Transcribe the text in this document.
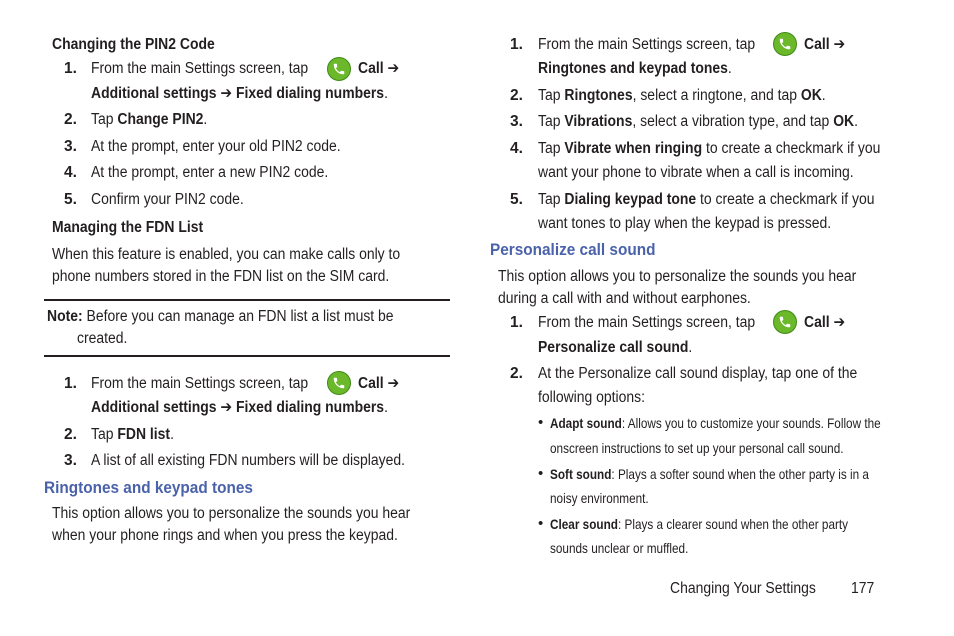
Changing the PIN2 Code
1. From the main Settings screen, tap	Call ➔
Additional settings ➔ Fixed dialing numbers.
2. Tap Change PIN2.
3. At the prompt, enter your old PIN2 code.
4. At the prompt, enter a new PIN2 code.
5. Confirm your PIN2 code.
Managing the FDN List
When this feature is enabled, you can make calls only to
phone numbers stored in the FDN list on the SIM card.
Note: Before you can manage an FDN list a list must be
created.
1. From the main Settings screen, tap	Call ➔
Additional settings ➔ Fixed dialing numbers.
2. Tap FDN list.
3. A list of all existing FDN numbers will be displayed.
Ringtones and keypad tones
This option allows you to personalize the sounds you hear
when your phone rings and when you press the keypad.
1. From the main Settings screen, tap	Call ➔
Ringtones and keypad tones.
2. Tap Ringtones, select a ringtone, and tap OK.
3. Tap Vibrations, select a vibration type, and tap OK.
4. Tap Vibrate when ringing to create a checkmark if you
want your phone to vibrate when a call is incoming.
5. Tap Dialing keypad tone to create a checkmark if you
want tones to play when the keypad is pressed.
Personalize call sound
This option allows you to personalize the sounds you hear
during a call with and without earphones.
1. From the main Settings screen, tap	Call ➔
Personalize call sound.
2. At the Personalize call sound display, tap one of the
following options:
• Adapt sound: Allows you to customize your sounds. Follow the
onscreen instructions to set up your personal call sound.
• Soft sound: Plays a softer sound when the other party is in a
noisy environment.
• Clear sound: Plays a clearer sound when the other party
sounds unclear or muffled.
Changing Your Settings 177
